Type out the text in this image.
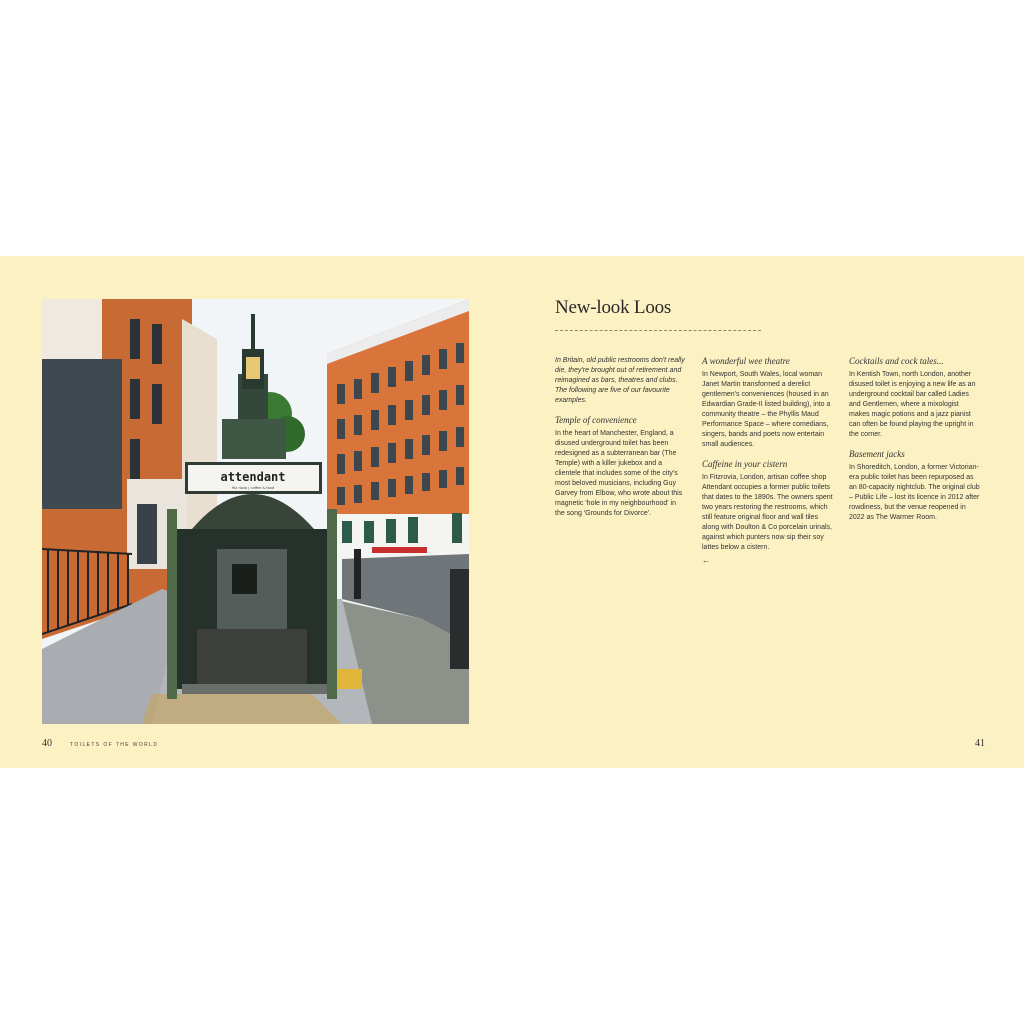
attendant
fitz rovia | coffee & food
40	TOILETS OF THE WORLD	41
New-look Loos

In Britain, old public restrooms don't really die, they're brought out of retirement and reimagined as bars, theatres and clubs. The following are five of our favourite examples.

Temple of convenience

In the heart of Manchester, England, a disused underground toilet has been redesigned as a subterranean bar (The Temple) with a killer jukebox and a clientele that includes some of the city's most beloved musicians, including Guy Garvey from Elbow, who wrote about this magnetic 'hole in my neighbourhood' in the song 'Grounds for Divorce'.

A wonderful wee theatre

In Newport, South Wales, local woman Janet Martin transformed a derelict gentlemen's conveniences (housed in an Edwardian Grade-II listed building), into a community theatre – the Phyllis Maud Performance Space – where comedians, singers, bands and poets now entertain small audiences.

Caffeine in your cistern

In Fitzrovia, London, artisan coffee shop Attendant occupies a former public toilets that dates to the 1890s. The owners spent two years restoring the restrooms, which still feature original floor and wall tiles along with Doulton & Co porcelain urinals, against which punters now sip their soy lattes below a cistern.

←
Cocktails and cock tales...

In Kentish Town, north London, another disused toilet is enjoying a new life as an underground cocktail bar called Ladies and Gentlemen, where a mixologist makes magic potions and a jazz pianist can often be found playing the upright in the corner.

Basement jacks

In Shoreditch, London, a former Victorian-era public toilet has been repurposed as an 80-capacity nightclub. The original club – Public Life – lost its licence in 2012 after rowdiness, but the venue reopened in 2022 as The Warmer Room.
